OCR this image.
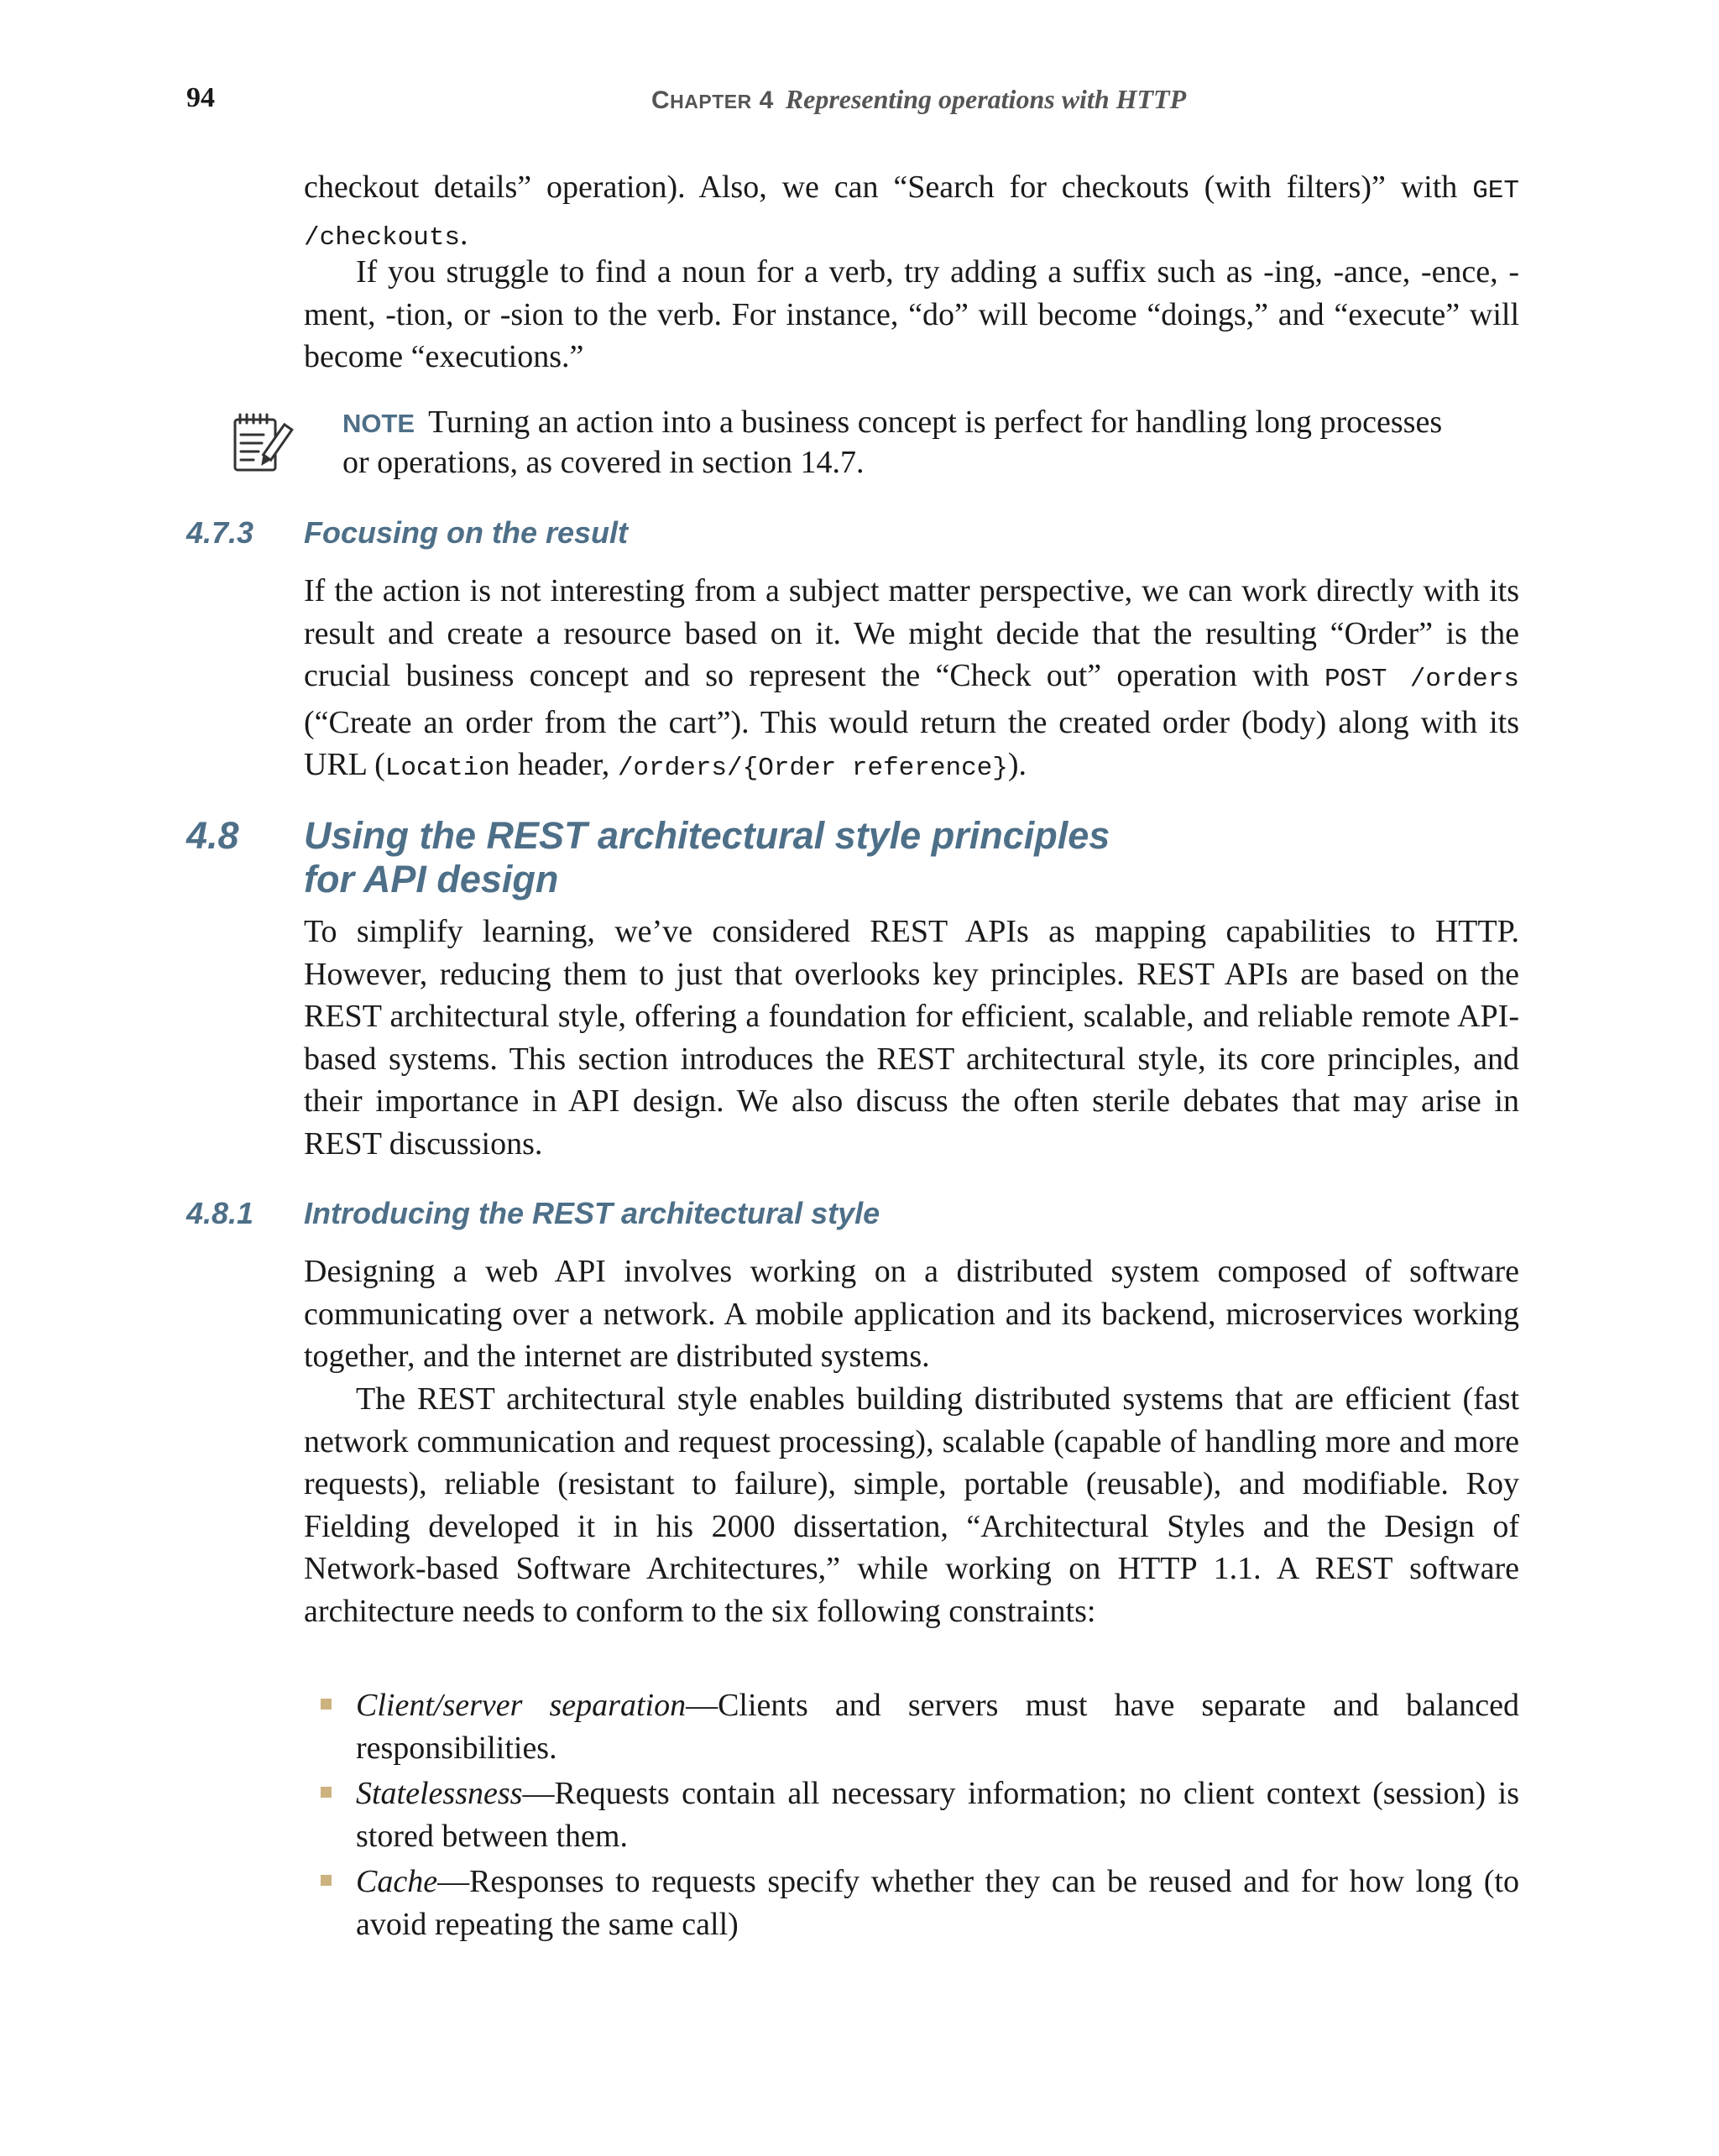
94	CHAPTER 4 Representing operations with HTTP
checkout details” operation). Also, we can “Search for checkouts (with filters)” with GET /checkouts.
If you struggle to find a noun for a verb, try adding a suffix such as -ing, -ance, -ence, -ment, -tion, or -sion to the verb. For instance, “do” will become “doings,” and “execute” will become “executions.”
NOTE Turning an action into a business concept is perfect for handling long processes or operations, as covered in section 14.7.
4.7.3 Focusing on the result
If the action is not interesting from a subject matter perspective, we can work directly with its result and create a resource based on it. We might decide that the resulting “Order” is the crucial business concept and so represent the “Check out” operation with POST /orders (“Create an order from the cart”). This would return the created order (body) along with its URL (Location header, /orders/{Order reference}).
4.8 Using the REST architectural style principles
for API design
To simplify learning, we’ve considered REST APIs as mapping capabilities to HTTP. However, reducing them to just that overlooks key principles. REST APIs are based on the REST architectural style, offering a foundation for efficient, scalable, and reliable remote API-based systems. This section introduces the REST architectural style, its core principles, and their importance in API design. We also discuss the often sterile debates that may arise in REST discussions.
4.8.1 Introducing the REST architectural style
Designing a web API involves working on a distributed system composed of software communicating over a network. A mobile application and its backend, microservices working together, and the internet are distributed systems.
The REST architectural style enables building distributed systems that are efficient (fast network communication and request processing), scalable (capable of handling more and more requests), reliable (resistant to failure), simple, portable (reusable), and modifiable. Roy Fielding developed it in his 2000 dissertation, “Architectural Styles and the Design of Network-based Software Architectures,” while working on HTTP 1.1. A REST software architecture needs to conform to the six following constraints:
Client/server separation—Clients and servers must have separate and balanced responsibilities.
Statelessness—Requests contain all necessary information; no client context (session) is stored between them.
Cache—Responses to requests specify whether they can be reused and for how long (to avoid repeating the same call)
